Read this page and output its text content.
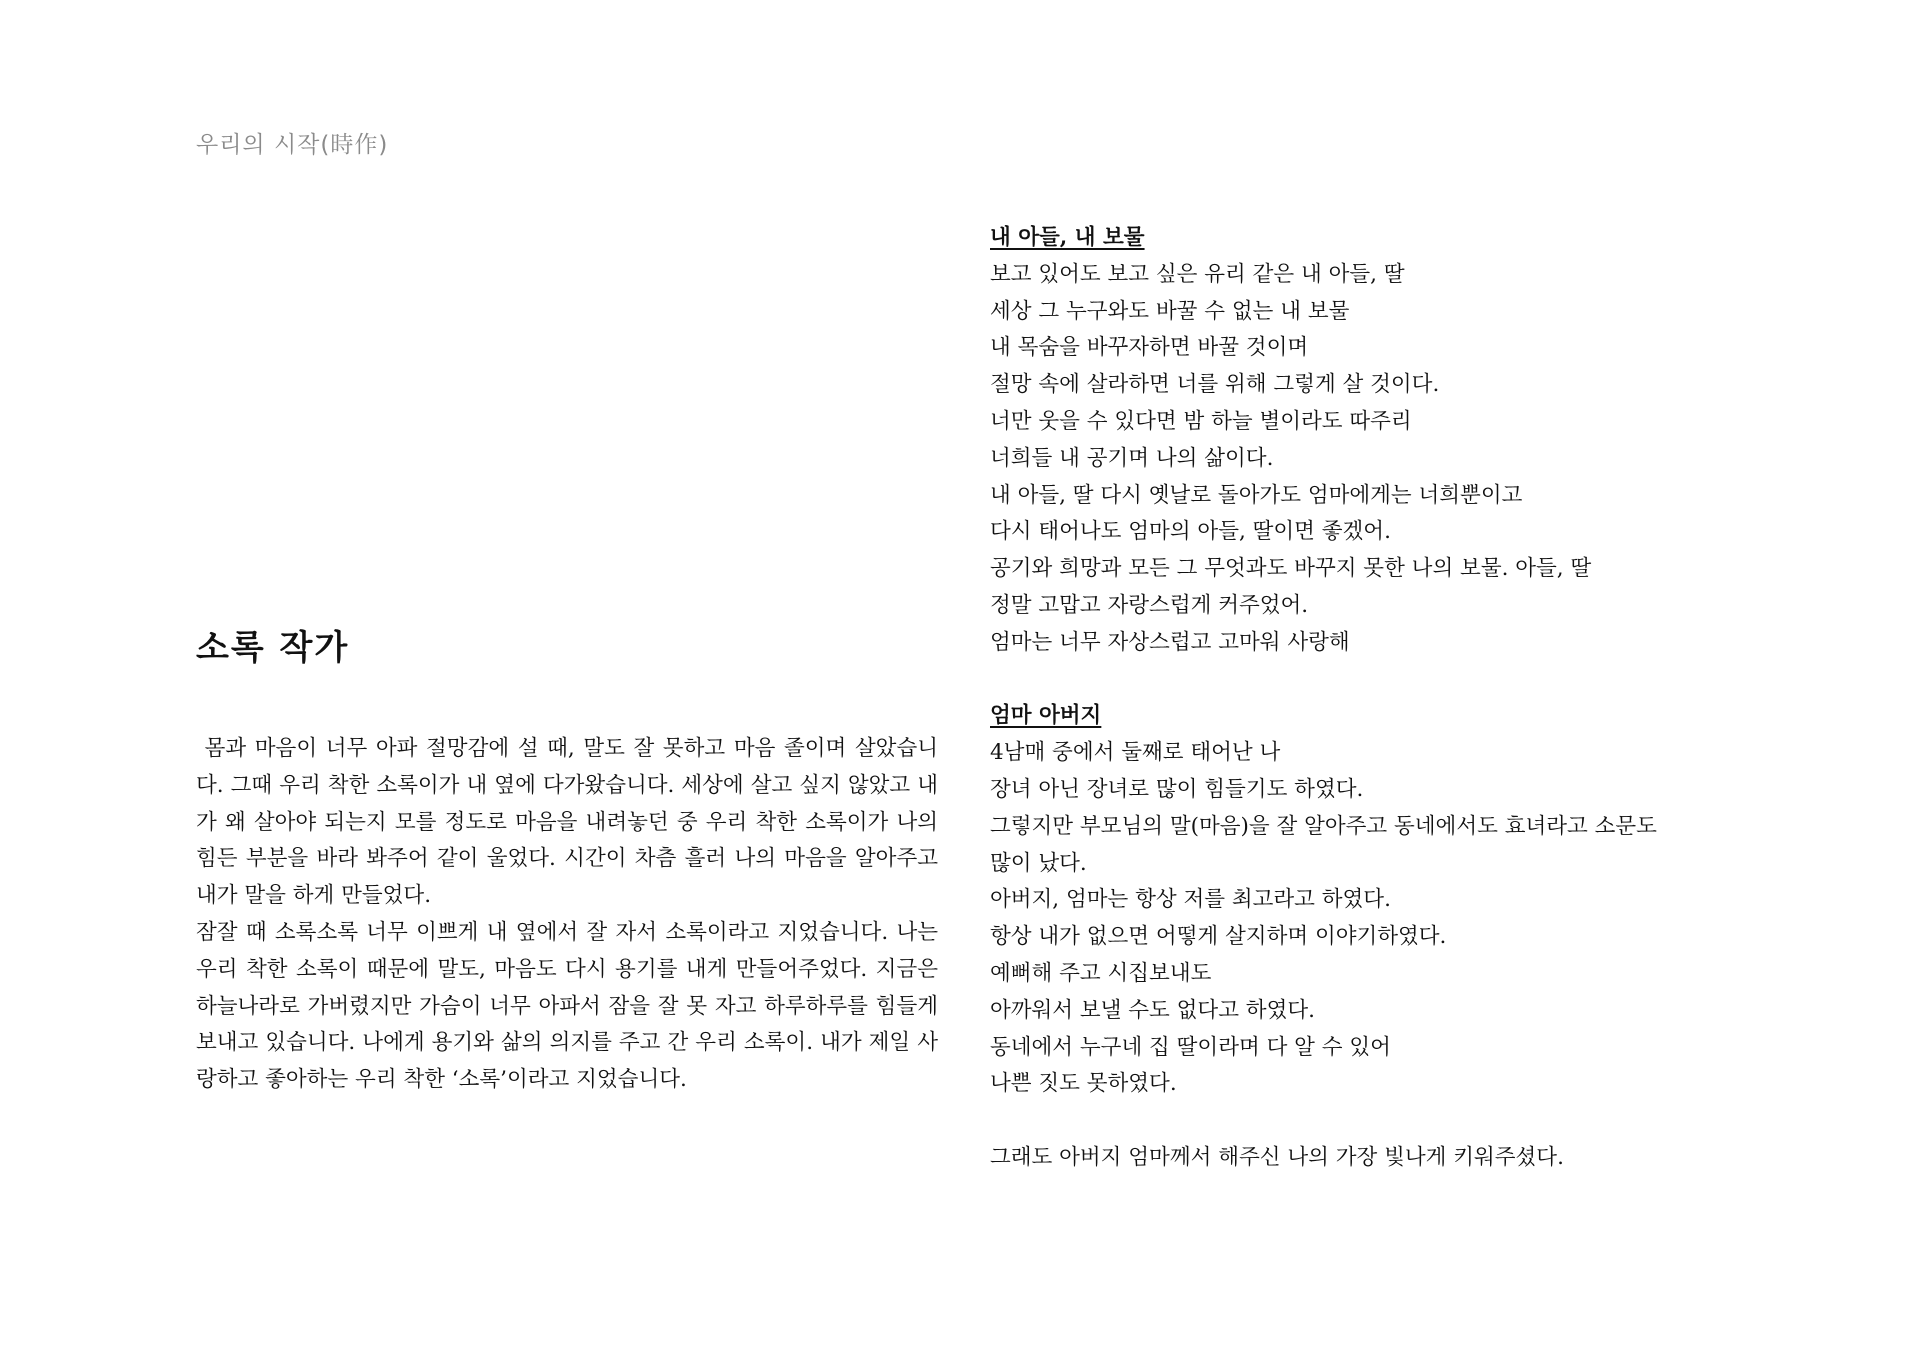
우리의 시작(時作)
소록 작가

몸과 마음이 너무 아파 절망감에 설 때, 말도 잘 못하고 마음 졸이며 살았습니다. 그때 우리 착한 소록이가 내 옆에 다가왔습니다. 세상에 살고 싶지 않았고 내가 왜 살아야 되는지 모를 정도로 마음을 내려놓던 중 우리 착한 소록이가 나의 힘든 부분을 바라 봐주어 같이 울었다. 시간이 차츰 흘러 나의 마음을 알아주고 내가 말을 하게 만들었다.

잠잘 때 소록소록 너무 이쁘게 내 옆에서 잘 자서 소록이라고 지었습니다. 나는 우리 착한 소록이 때문에 말도, 마음도 다시 용기를 내게 만들어주었다. 지금은 하늘나라로 가버렸지만 가슴이 너무 아파서 잠을 잘 못 자고 하루하루를 힘들게 보내고 있습니다. 나에게 용기와 삶의 의지를 주고 간 우리 소록이. 내가 제일 사랑하고 좋아하는 우리 착한 ‘소록’이라고 지었습니다.

내 아들, 내 보물
보고 있어도 보고 싶은 유리 같은 내 아들, 딸
세상 그 누구와도 바꿀 수 없는 내 보물
내 목숨을 바꾸자하면 바꿀 것이며
절망 속에 살라하면 너를 위해 그렇게 살 것이다.
너만 웃을 수 있다면 밤 하늘 별이라도 따주리
너희들 내 공기며 나의 삶이다.
내 아들, 딸 다시 옛날로 돌아가도 엄마에게는 너희뿐이고
다시 태어나도 엄마의 아들, 딸이면 좋겠어.
공기와 희망과 모든 그 무엇과도 바꾸지 못한 나의 보물. 아들, 딸
정말 고맙고 자랑스럽게 커주었어.
엄마는 너무 자상스럽고 고마워 사랑해
엄마 아버지
4남매 중에서 둘째로 태어난 나
장녀 아닌 장녀로 많이 힘들기도 하였다.
그렇지만 부모님의 말(마음)을 잘 알아주고 동네에서도 효녀라고 소문도
많이 났다.
아버지, 엄마는 항상 저를 최고라고 하였다.
항상 내가 없으면 어떻게 살지하며 이야기하였다.
예뻐해 주고 시집보내도
아까워서 보낼 수도 없다고 하였다.
동네에서 누구네 집 딸이라며 다 알 수 있어
나쁜 짓도 못하였다.
그래도 아버지 엄마께서 해주신 나의 가장 빛나게 키워주셨다.
